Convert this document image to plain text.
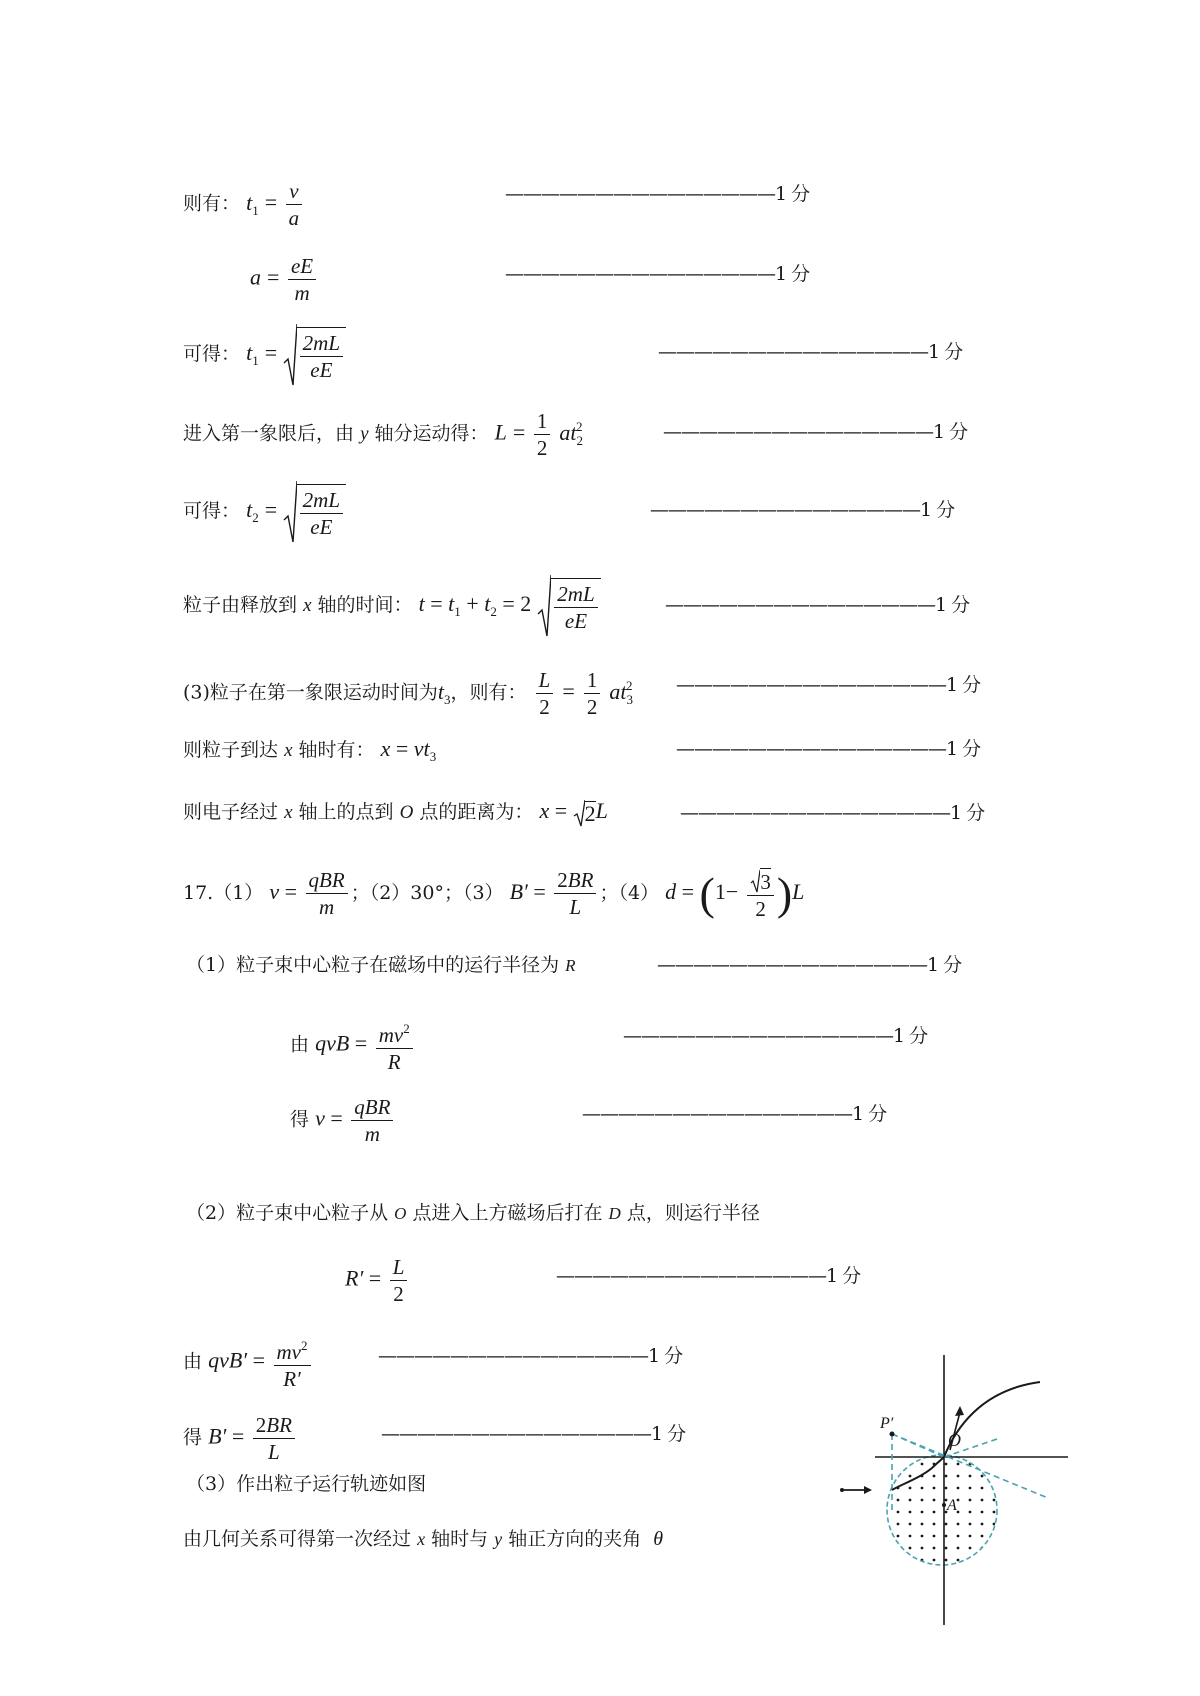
则有： $t_1 = \frac{v}{a}$	———————————————1 分
$a = \frac{eE}{m}$	———————————————1 分
可得： $t_1 = \frac{2mL}{eE}$	———————————————1 分
进入第一象限后，由 y 轴分运动得： $L = \frac{1}{2} at_2^2$	———————————————1 分
可得： $t_2 = \frac{2mL}{eE}$	———————————————1 分
粒子由释放到 x 轴的时间： $t = t_1 + t_2 = 2 \frac{2mL}{eE}$	———————————————1 分
(3)粒子在第一象限运动时间为$t_3$，则有： $\frac{L}{2} = \frac{1}{2} at_3^2$ ———————————————1 分
则粒子到达 x 轴时有： $x = vt_3$	———————————————1 分
则电子经过 x 轴上的点到 O 点的距离为： x = 2 L	———————————————1 分
17.（1） $v = \frac{\text{qBR}}{m}$ ；（2）30°；（3） $B' = \frac{2BR}{L}$ ；（4） $d = (1- \frac{3}{2} )L$
（1）粒子束中心粒子在磁场中的运行半径为 R	———————————————1 分
由 qvB = $\frac{mv^2}{R}$	———————————————1 分
得 $v = \frac{\text{qBR}}{m}$	———————————————1 分
（2）粒子束中心粒子从 O 点进入上方磁场后打在 D 点，则运行半径
$R' = \frac{L}{2}$	———————————————1 分
由 $qvB' = \frac{mv^2}{R'}$	———————————————1 分
得 $B' = \frac{2BR}{L}$	———————————————1 分
（3）作出粒子运行轨迹如图
由几何关系可得第一次经过 x 轴时与 y 轴正方向的夹角 θ
P′
O
A
